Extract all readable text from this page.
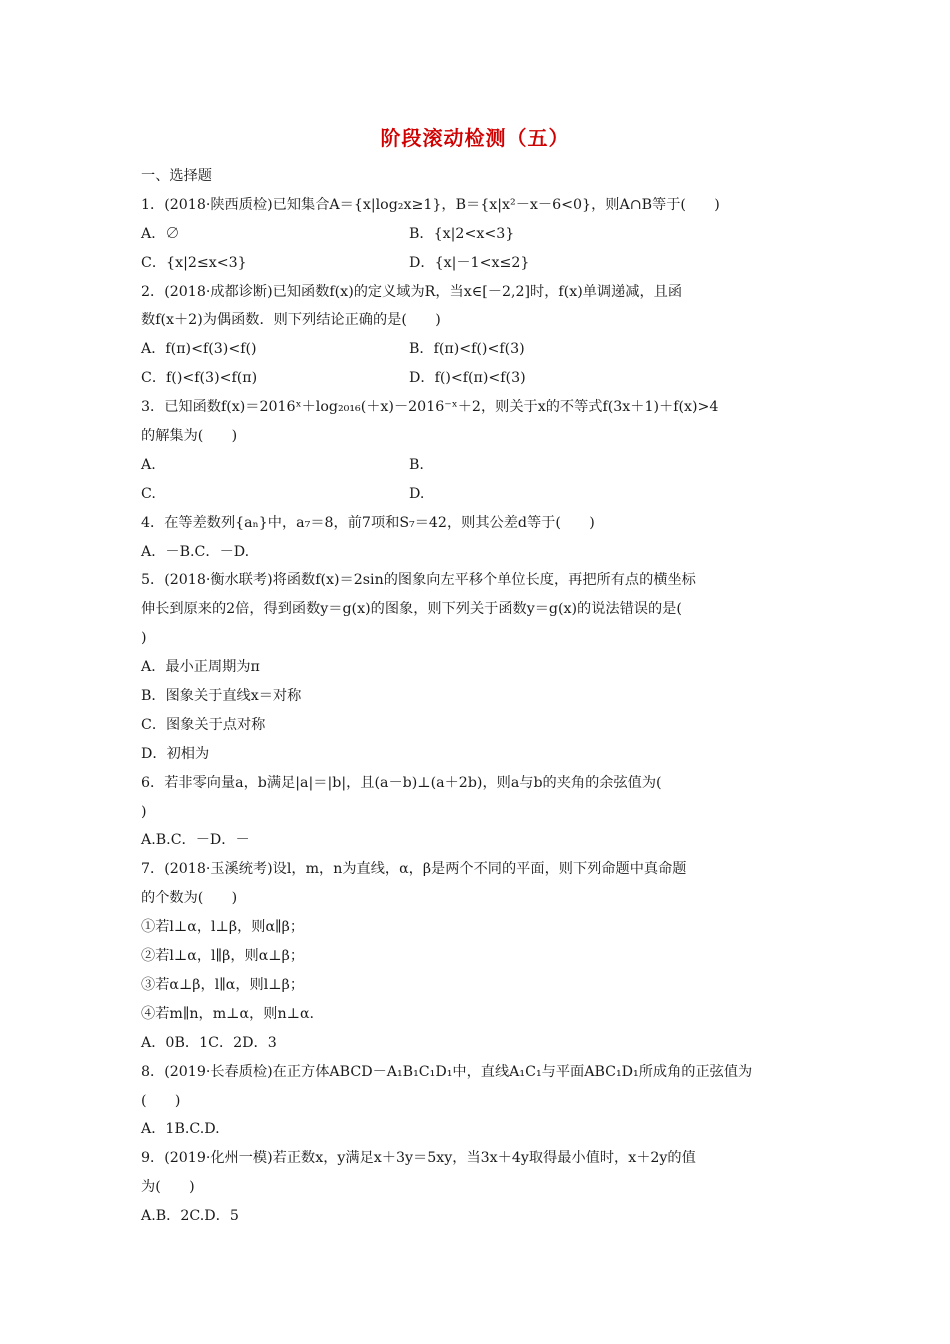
阶段滚动检测（五）
一、选择题
1．(2018·陕西质检)已知集合A＝{x|log₂x≥1}，B＝{x|x²－x－6<0}，则A∩B等于(　　)
A．∅	B．{x|2<x<3}
C．{x|2≤x<3}	D．{x|－1<x≤2}
2．(2018·成都诊断)已知函数f(x)的定义域为R，当x∈[－2,2]时，f(x)单调递减，且函
数f(x＋2)为偶函数．则下列结论正确的是(　　)
A．f(π)<f(3)<f()	B．f(π)<f()<f(3)
C．f()<f(3)<f(π)	D．f()<f(π)<f(3)
3．已知函数f(x)＝2016ˣ＋log₂₀₁₆(＋x)－2016⁻ˣ＋2，则关于x的不等式f(3x＋1)＋f(x)>4
的解集为(　　)
A.	B.
C.	D.
4．在等差数列{aₙ}中，a₇＝8，前7项和S₇＝42，则其公差d等于(　　)
A．－B.C．－D.
5．(2018·衡水联考)将函数f(x)＝2sin的图象向左平移个单位长度，再把所有点的横坐标
伸长到原来的2倍，得到函数y＝g(x)的图象，则下列关于函数y＝g(x)的说法错误的是(
)
A．最小正周期为π
B．图象关于直线x＝对称
C．图象关于点对称
D．初相为
6．若非零向量a，b满足|a|＝|b|，且(a－b)⊥(a＋2b)，则a与b的夹角的余弦值为(
)
A.B.C．－D．－
7．(2018·玉溪统考)设l，m，n为直线，α，β是两个不同的平面，则下列命题中真命题
的个数为(　　)
①若l⊥α，l⊥β，则α∥β；
②若l⊥α，l∥β，则α⊥β；
③若α⊥β，l∥α，则l⊥β；
④若m∥n，m⊥α，则n⊥α.
A．0B．1C．2D．3
8．(2019·长春质检)在正方体ABCD－A₁B₁C₁D₁中，直线A₁C₁与平面ABC₁D₁所成角的正弦值为
(　　)
A．1B.C.D.
9．(2019·化州一模)若正数x，y满足x＋3y＝5xy，当3x＋4y取得最小值时，x＋2y的值
为(　　)
A.B．2C.D．5
